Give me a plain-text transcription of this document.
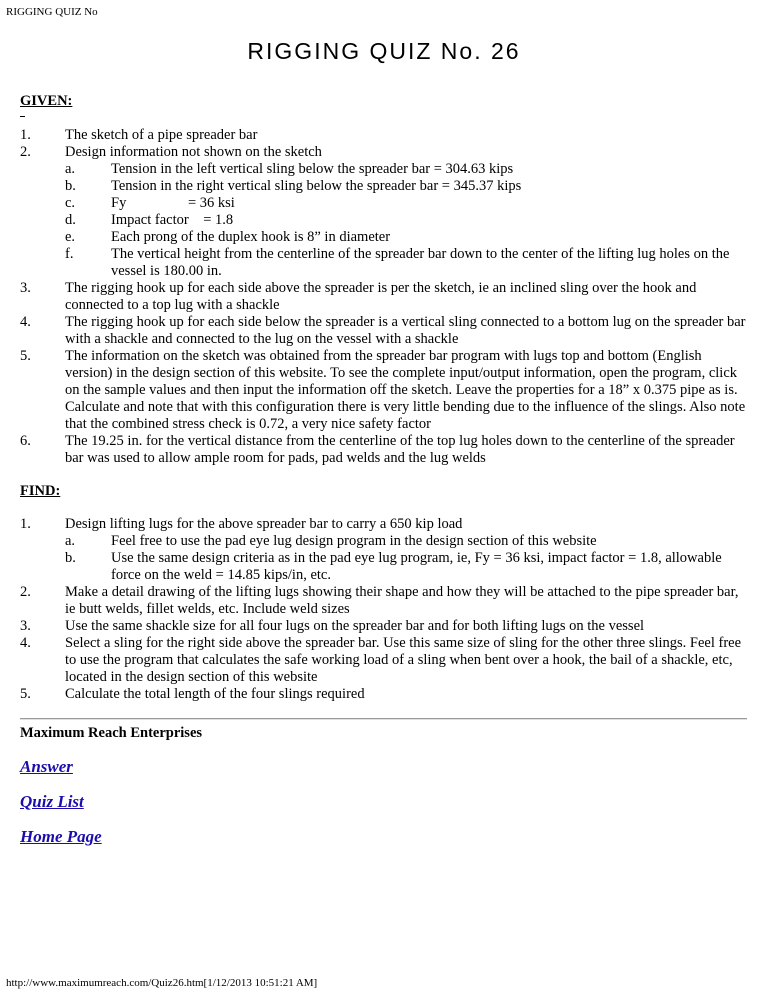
RIGGING QUIZ No
RIGGING QUIZ No. 26
GIVEN:
1. The sketch of a pipe spreader bar
2. Design information not shown on the sketch
a. Tension in the left vertical sling below the spreader bar = 304.63 kips
b. Tension in the right vertical sling below the spreader bar = 345.37 kips
c. Fy                 = 36 ksi
d. Impact factor    = 1.8
e. Each prong of the duplex hook is 8” in diameter
f.	The vertical height from the centerline of the spreader bar down to the center of the lifting lug holes on the vessel is 180.00 in.
3. The rigging hook up for each side above the spreader is per the sketch, ie an inclined sling over the hook and connected to a top lug with a shackle
4. The rigging hook up for each side below the spreader is a vertical sling connected to a bottom lug on the spreader bar with a shackle and connected to the lug on the vessel with a shackle
5. The information on the sketch was obtained from the spreader bar program with lugs top and bottom (English version) in the design section of this website. To see the complete input/output information, open the program, click on the sample values and then input the information off the sketch. Leave the properties for a 18” x 0.375 pipe as is. Calculate and note that with this configuration there is very little bending due to the influence of the slings. Also note that the combined stress check is 0.72, a very nice safety factor
6. The 19.25 in. for the vertical distance from the centerline of the top lug holes down to the centerline of the spreader bar was used to allow ample room for pads, pad welds and the lug welds
FIND:
1. Design lifting lugs for the above spreader bar to carry a 650 kip load
a. Feel free to use the pad eye lug design program in the design section of this website
b. Use the same design criteria as in the pad eye lug program, ie, Fy = 36 ksi, impact factor = 1.8, allowable force on the weld = 14.85 kips/in, etc.
2. Make a detail drawing of the lifting lugs showing their shape and how they will be attached to the pipe spreader bar, ie butt welds, fillet welds, etc. Include weld sizes
3. Use the same shackle size for all four lugs on the spreader bar and for both lifting lugs on the vessel
4. Select a sling for the right side above the spreader bar. Use this same size of sling for the other three slings. Feel free to use the program that calculates the safe working load of a sling when bent over a hook, the bail of a shackle, etc, located in the design section of this website
5. Calculate the total length of the four slings required
Maximum Reach Enterprises
Answer
Quiz List
Home Page
http://www.maximumreach.com/Quiz26.htm[1/12/2013 10:51:21 AM]
